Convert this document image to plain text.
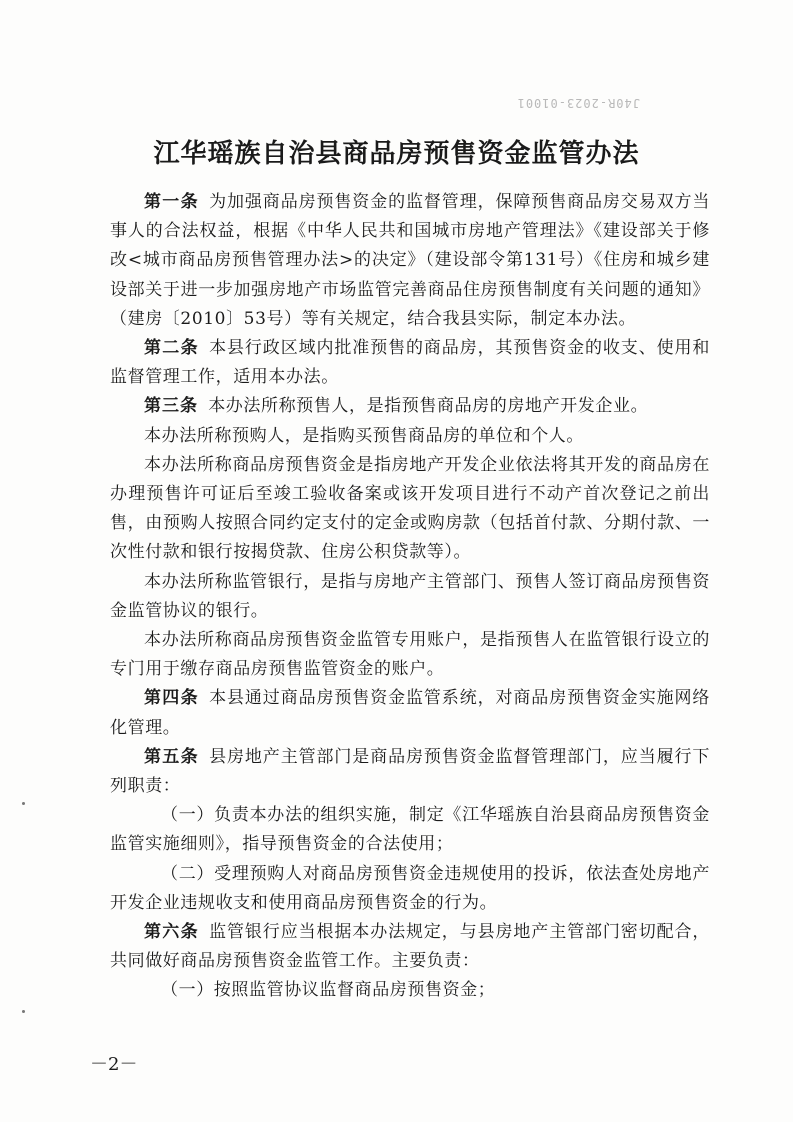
J40R-2023-01001
江华瑶族自治县商品房预售资金监管办法

第一条 为加强商品房预售资金的监督管理，保障预售商品房交易双方当事人的合法权益，根据《中华人民共和国城市房地产管理法》《建设部关于修改<城市商品房预售管理办法>的决定》（建设部令第131号）《住房和城乡建设部关于进一步加强房地产市场监管完善商品住房预售制度有关问题的通知》（建房〔2010〕53号）等有关规定，结合我县实际，制定本办法。

第二条 本县行政区域内批准预售的商品房，其预售资金的收支、使用和监督管理工作，适用本办法。

第三条 本办法所称预售人，是指预售商品房的房地产开发企业。

本办法所称预购人，是指购买预售商品房的单位和个人。

本办法所称商品房预售资金是指房地产开发企业依法将其开发的商品房在办理预售许可证后至竣工验收备案或该开发项目进行不动产首次登记之前出售，由预购人按照合同约定支付的定金或购房款（包括首付款、分期付款、一次性付款和银行按揭贷款、住房公积贷款等）。

本办法所称监管银行，是指与房地产主管部门、预售人签订商品房预售资金监管协议的银行。

本办法所称商品房预售资金监管专用账户，是指预售人在监管银行设立的专门用于缴存商品房预售监管资金的账户。

第四条 本县通过商品房预售资金监管系统，对商品房预售资金实施网络化管理。

第五条 县房地产主管部门是商品房预售资金监督管理部门，应当履行下列职责：

（一）负责本办法的组织实施，制定《江华瑶族自治县商品房预售资金监管实施细则》，指导预售资金的合法使用；

（二）受理预购人对商品房预售资金违规使用的投诉，依法查处房地产开发企业违规收支和使用商品房预售资金的行为。

第六条 监管银行应当根据本办法规定，与县房地产主管部门密切配合，共同做好商品房预售资金监管工作。主要负责：

（一）按照监管协议监督商品房预售资金；

－2－
